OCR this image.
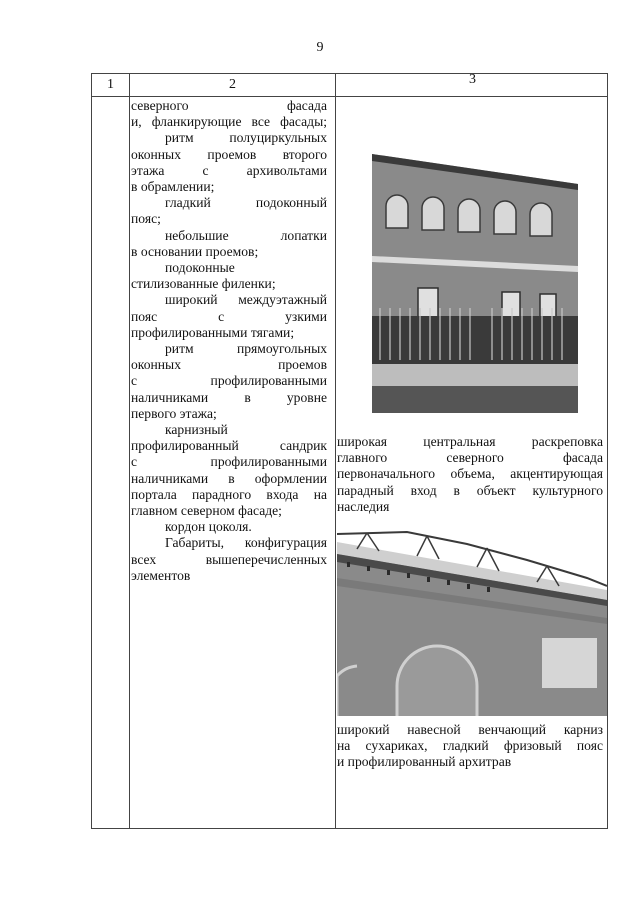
9
1	2	3

северного фасада

и, фланкирующие все фасады;

ритм полуциркульных

оконных проемов второго

этажа с архивольтами

в обрамлении;

гладкий подоконный

пояс;

небольшие лопатки

в основании проемов;

подоконные

стилизованные филенки;

широкий междуэтажный

пояс с узкими

профилированными тягами;

ритм прямоугольных

оконных проемов

с профилированными

наличниками в уровне

первого этажа;

карнизный

профилированный сандрик

с профилированными

наличниками в оформлении

портала парадного входа на

главном северном фасаде;

кордон цоколя.

Габариты, конфигурация

всех вышеперечисленных

элементов

широкая центральная раскреповка

главного северного фасада

первоначального объема, акцентирующая

парадный вход в объект культурного

наследия

широкий навесной венчающий карниз

на сухариках, гладкий фризовый пояс

и профилированный архитрав
